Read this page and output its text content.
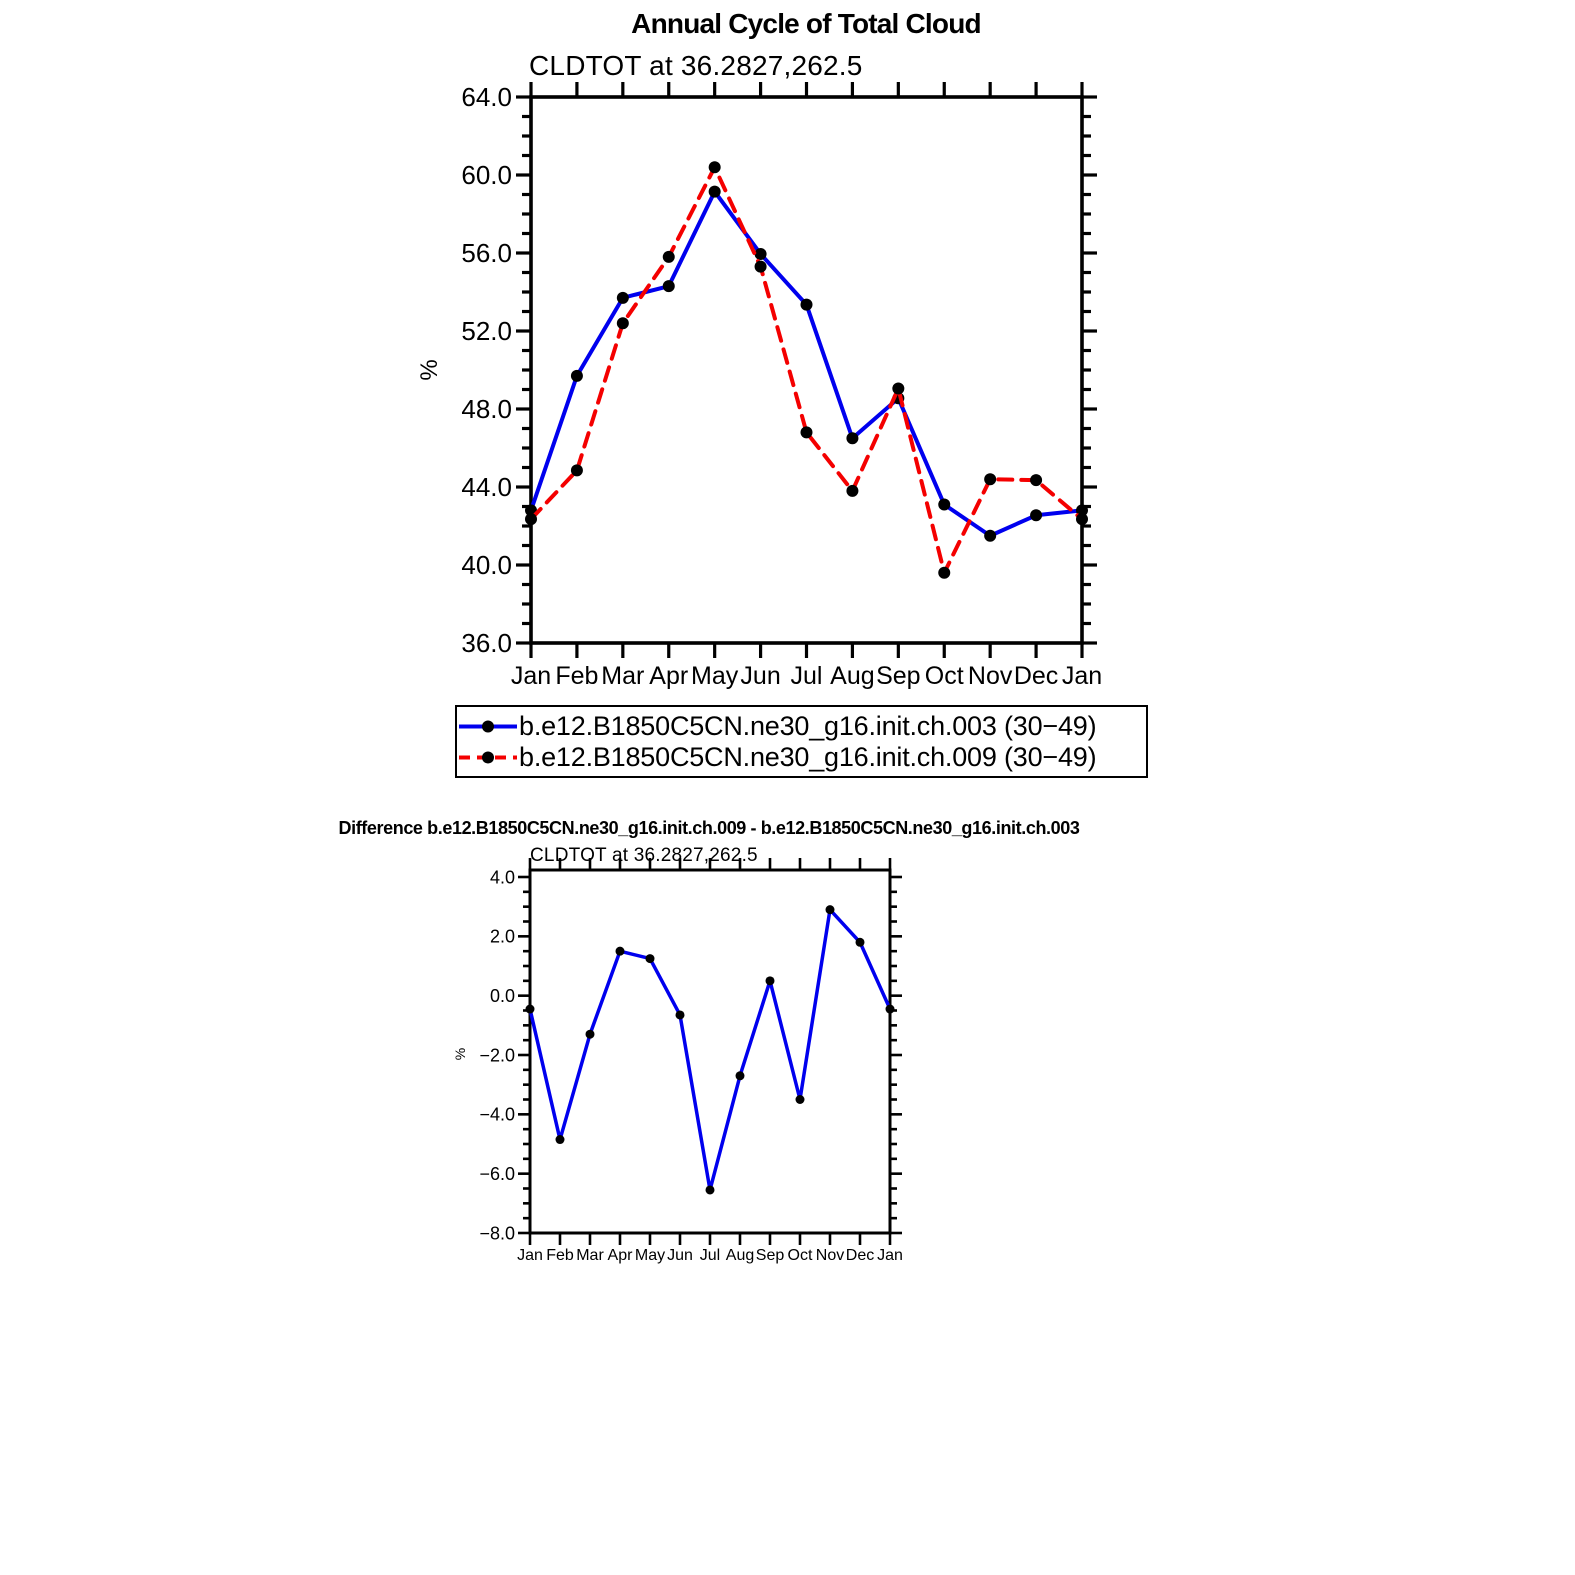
Jan Feb Mar Apr May Jun Jul Aug Sep Oct Nov Dec Jan
36.0
40.0
44.0
48.0
52.0
56.0
60.0
64.0
%
Jan Feb Mar Apr May Jun Jul Aug Sep Oct Nov Dec Jan
−8.0
−6.0
−4.0
−2.0
0.0
2.0
4.0
%
Annual Cycle of Total Cloud
CLDTOT at 36.2827,262.5
b.e12.B1850C5CN.ne30_g16.init.ch.003 (30−49)
b.e12.B1850C5CN.ne30_g16.init.ch.009 (30−49)
Difference b.e12.B1850C5CN.ne30_g16.init.ch.009 - b.e12.B1850C5CN.ne30_g16.init.ch.003
CLDTOT at 36.2827,262.5
